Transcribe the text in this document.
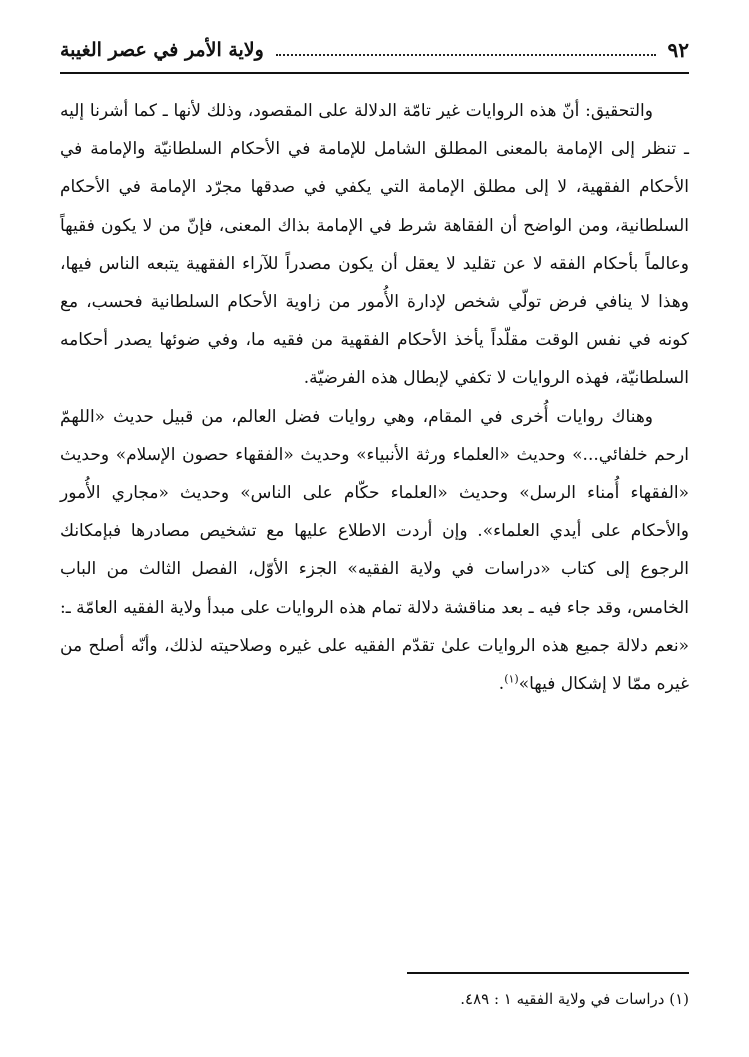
٩٢
ولاية الأمر في عصر الغيبة

والتحقيق: أنّ هذه الروايات غير تامّة الدلالة على المقصود، وذلك لأنها ـ كما أشرنا إليه ـ تنظر إلى الإمامة بالمعنى المطلق الشامل للإمامة في الأحكام السلطانيّة والإمامة في الأحكام الفقهية، لا إلى مطلق الإمامة التي يكفي في صدقها مجرّد الإمامة في الأحكام السلطانية، ومن الواضح أن الفقاهة شرط في الإمامة بذاك المعنى، فإنّ من لا يكون فقيهاً وعالماً بأحكام الفقه لا عن تقليد لا يعقل أن يكون مصدراً للآراء الفقهية يتبعه الناس فيها، وهذا لا ينافي فرض تولّي شخص لإدارة الأُمور من زاوية الأحكام السلطانية فحسب، مع كونه في نفس الوقت مقلّداً يأخذ الأحكام الفقهية من فقيه ما، وفي ضوئها يصدر أحكامه السلطانيّة، فهذه الروايات لا تكفي لإبطال هذه الفرضيّة.

وهناك روايات أُخرى في المقام، وهي روايات فضل العالم، من قبيل حديث «اللهمّ ارحم خلفائي...» وحديث «العلماء ورثة الأنبياء» وحديث «الفقهاء حصون الإسلام» وحديث «الفقهاء أُمناء الرسل» وحديث «العلماء حكّام على الناس» وحديث «مجاري الأُمور والأحكام على أيدي العلماء». وإن أردت الاطلاع عليها مع تشخيص مصادرها فبإمكانك الرجوع إلى كتاب «دراسات في ولاية الفقيه» الجزء الأوّل، الفصل الثالث من الباب الخامس، وقد جاء فيه ـ بعد مناقشة دلالة تمام هذه الروايات على مبدأ ولاية الفقيه العامّة ـ: «نعم دلالة جميع هذه الروايات علىٰ تقدّم الفقيه على غيره وصلاحيته لذلك، وأنّه أصلح من غيره ممّا لا إشكال فيها»$^{(١)}$.

(١) دراسات في ولاية الفقيه ١ : ٤٨٩.
